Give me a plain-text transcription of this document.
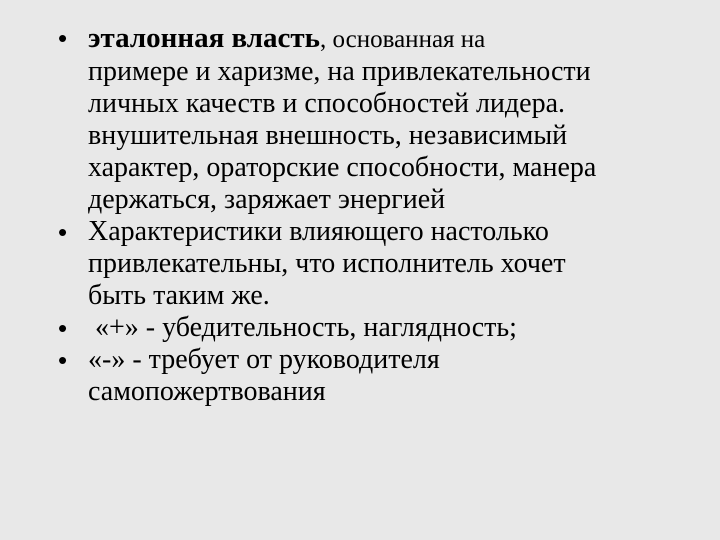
• эталонная власть, основанная на
примере и харизме, на привлекательности
личных качеств и способностей лидера.
внушительная внешность, независимый
характер, ораторские способности, манера
держаться, заряжает энергией
• Характеристики влияющего настолько
привлекательны, что исполнитель хочет
быть таким же.
• «+» - убедительность, наглядность;
• «-» - требует от руководителя
самопожертвования
